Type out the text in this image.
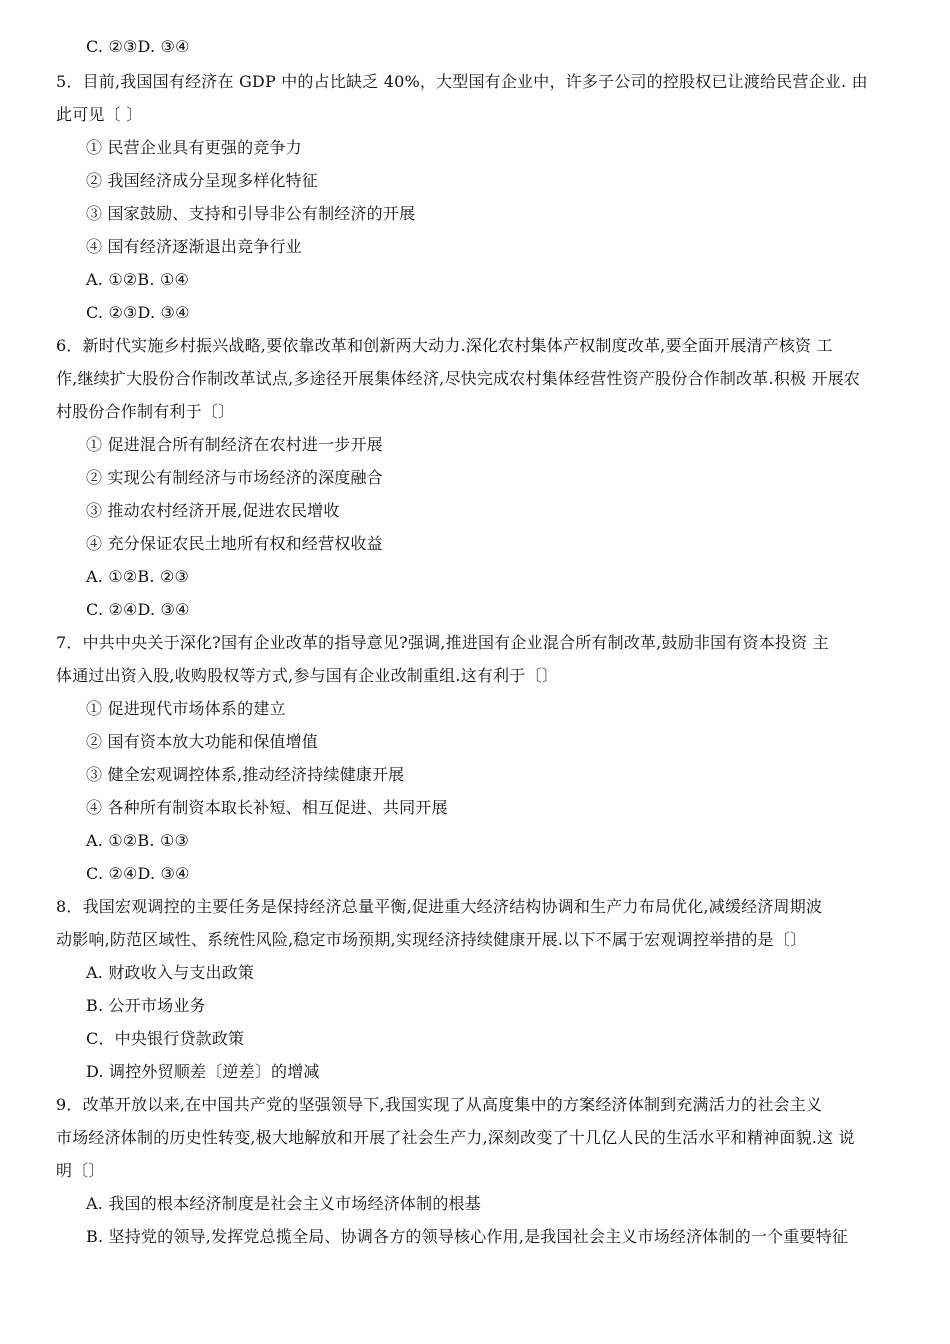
C. ②③D. ③④
5．目前,我国国有经济在 GDP 中的占比缺乏 40%，大型国有企业中，许多子公司的控股权已让渡给民营企业. 由
此可见〔 〕
① 民营企业具有更强的竞争力
② 我国经济成分呈现多样化特征
③ 国家鼓励、支持和引导非公有制经济的开展
④ 国有经济逐渐退出竞争行业
A. ①②B. ①④
C. ②③D. ③④
6．新时代实施乡村振兴战略,要依靠改革和创新两大动力.深化农村集体产权制度改革,要全面开展清产核资 工
作,继续扩大股份合作制改革试点,多途径开展集体经济,尽快完成农村集体经营性资产股份合作制改革.积极 开展农
村股份合作制有利于〔〕
① 促进混合所有制经济在农村进一步开展
② 实现公有制经济与市场经济的深度融合
③ 推动农村经济开展,促进农民增收
④ 充分保证农民土地所有权和经营权收益
A. ①②B. ②③
C. ②④D. ③④
7．中共中央关于深化?国有企业改革的指导意见?强调,推进国有企业混合所有制改革,鼓励非国有资本投资 主
体通过出资入股,收购股权等方式,参与国有企业改制重组.这有利于〔〕
① 促进现代市场体系的建立
② 国有资本放大功能和保值增值
③ 健全宏观调控体系,推动经济持续健康开展
④ 各种所有制资本取长补短、相互促进、共同开展
A. ①②B. ①③
C. ②④D. ③④
8．我国宏观调控的主要任务是保持经济总量平衡,促进重大经济结构协调和生产力布局优化,减缓经济周期波
动影响,防范区域性、系统性风险,稳定市场预期,实现经济持续健康开展.以下不属于宏观调控举措的是〔〕
A. 财政收入与支出政策
B. 公开市场业务
C．中央银行贷款政策
D. 调控外贸顺差〔逆差〕的增减
9．改革开放以来,在中国共产党的坚强领导下,我国实现了从高度集中的方案经济体制到充满活力的社会主义
市场经济体制的历史性转变,极大地解放和开展了社会生产力,深刻改变了十几亿人民的生活水平和精神面貌.这 说
明〔〕
A. 我国的根本经济制度是社会主义市场经济体制的根基
B. 坚持党的领导,发挥党总揽全局、协调各方的领导核心作用,是我国社会主义市场经济体制的一个重要特征
